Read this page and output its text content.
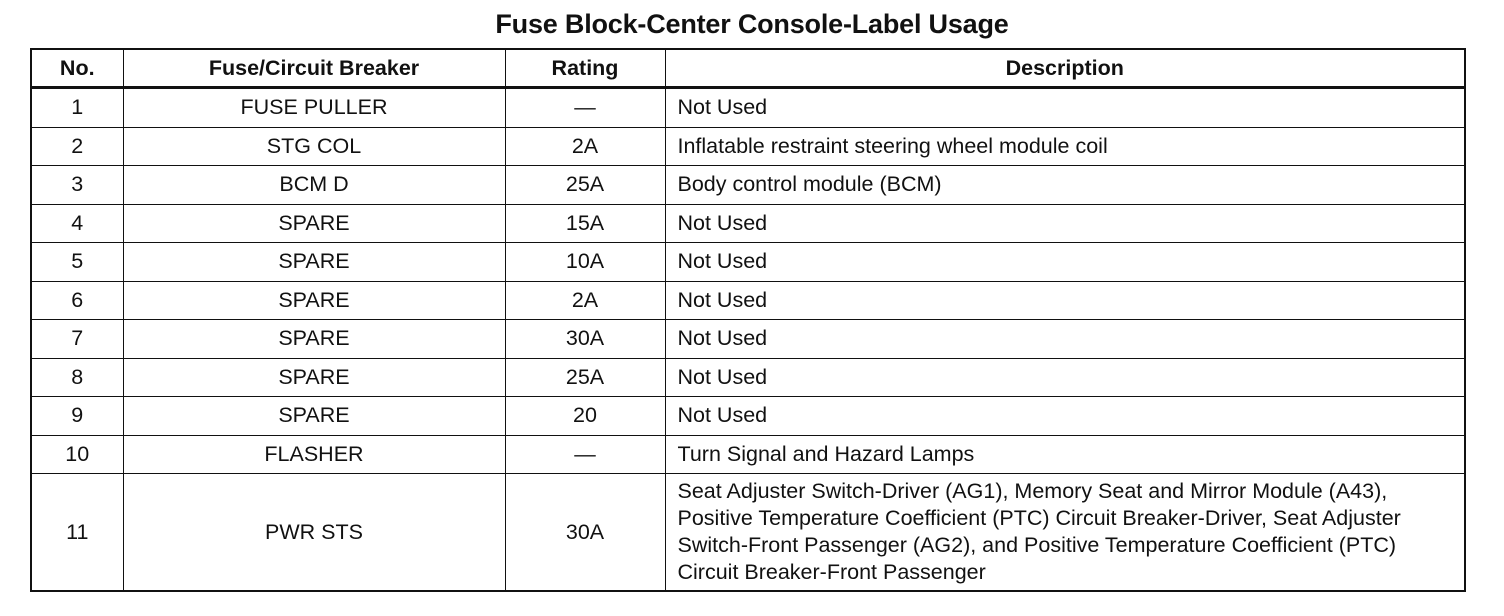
Fuse Block-Center Console-Label Usage
No.	Fuse/Circuit Breaker	Rating	Description
1	FUSE PULLER	—	Not Used
2	STG COL	2A	Inflatable restraint steering wheel module coil
3	BCM D	25A	Body control module (BCM)
4	SPARE	15A	Not Used
5	SPARE	10A	Not Used
6	SPARE	2A	Not Used
7	SPARE	30A	Not Used
8	SPARE	25A	Not Used
9	SPARE	20	Not Used
10	FLASHER	—	Turn Signal and Hazard Lamps
11	PWR STS	30A	Seat Adjuster Switch-Driver (AG1), Memory Seat and Mirror Module (A43), Positive Temperature Coefficient (PTC) Circuit Breaker-Driver, Seat Adjuster Switch-Front Passenger (AG2), and Positive Temperature Coefficient (PTC) Circuit Breaker-Front Passenger
